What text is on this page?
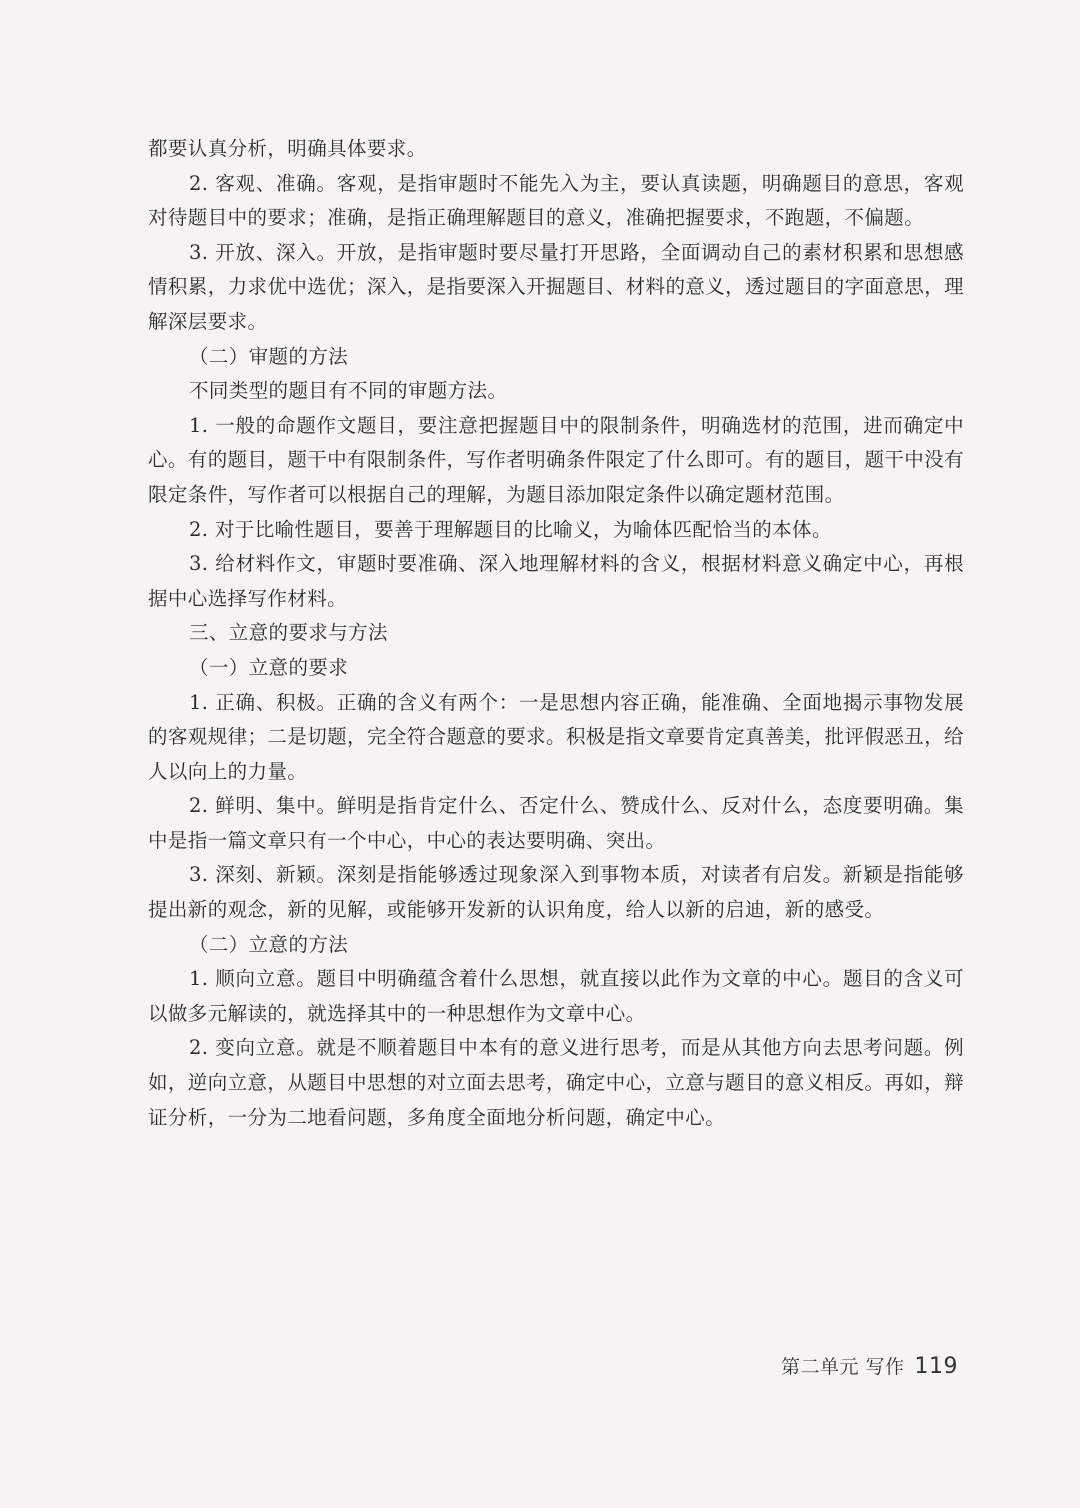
都要认真分析，明确具体要求。

2. 客观、准确。客观，是指审题时不能先入为主，要认真读题，明确题目的意思，客观对待题目中的要求；准确，是指正确理解题目的意义，准确把握要求，不跑题，不偏题。

3. 开放、深入。开放，是指审题时要尽量打开思路，全面调动自己的素材积累和思想感情积累，力求优中选优；深入，是指要深入开掘题目、材料的意义，透过题目的字面意思，理解深层要求。

（二）审题的方法

不同类型的题目有不同的审题方法。

1. 一般的命题作文题目，要注意把握题目中的限制条件，明确选材的范围，进而确定中心。有的题目，题干中有限制条件，写作者明确条件限定了什么即可。有的题目，题干中没有限定条件，写作者可以根据自己的理解，为题目添加限定条件以确定题材范围。

2. 对于比喻性题目，要善于理解题目的比喻义，为喻体匹配恰当的本体。

3. 给材料作文，审题时要准确、深入地理解材料的含义，根据材料意义确定中心，再根据中心选择写作材料。

三、立意的要求与方法

（一）立意的要求

1. 正确、积极。正确的含义有两个：一是思想内容正确，能准确、全面地揭示事物发展的客观规律；二是切题，完全符合题意的要求。积极是指文章要肯定真善美，批评假恶丑，给人以向上的力量。

2. 鲜明、集中。鲜明是指肯定什么、否定什么、赞成什么、反对什么，态度要明确。集中是指一篇文章只有一个中心，中心的表达要明确、突出。

3. 深刻、新颖。深刻是指能够透过现象深入到事物本质，对读者有启发。新颖是指能够提出新的观念，新的见解，或能够开发新的认识角度，给人以新的启迪，新的感受。

（二）立意的方法

1. 顺向立意。题目中明确蕴含着什么思想，就直接以此作为文章的中心。题目的含义可以做多元解读的，就选择其中的一种思想作为文章中心。

2. 变向立意。就是不顺着题目中本有的意义进行思考，而是从其他方向去思考问题。例如，逆向立意，从题目中思想的对立面去思考，确定中心，立意与题目的意义相反。再如，辩证分析，一分为二地看问题，多角度全面地分析问题，确定中心。

第二单元 写作 119
